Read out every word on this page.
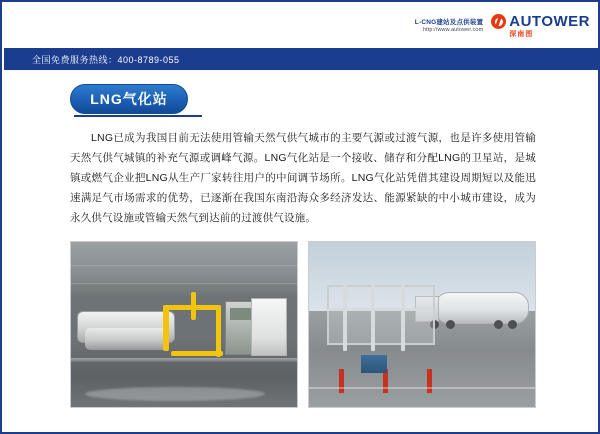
L-CNG建站及点供装置
http://www.autower.com AUTOWER
深南图
全国免费服务热线：400-8789-055
LNG气化站
LNG已成为我国目前无法使用管输天然气供气城市的主要气源或过渡气源，也是许多使用管输天然气供气城镇的补充气源或调峰气源。LNG气化站是一个接收、储存和分配LNG的卫星站，是城镇或燃气企业把LNG从生产厂家转往用户的中间调节场所。LNG气化站凭借其建设周期短以及能迅速满足气市场需求的优势，已逐渐在我国东南沿海众多经济发达、能源紧缺的中小城市建设，成为永久供气设施或管输天然气到达前的过渡供气设施。
